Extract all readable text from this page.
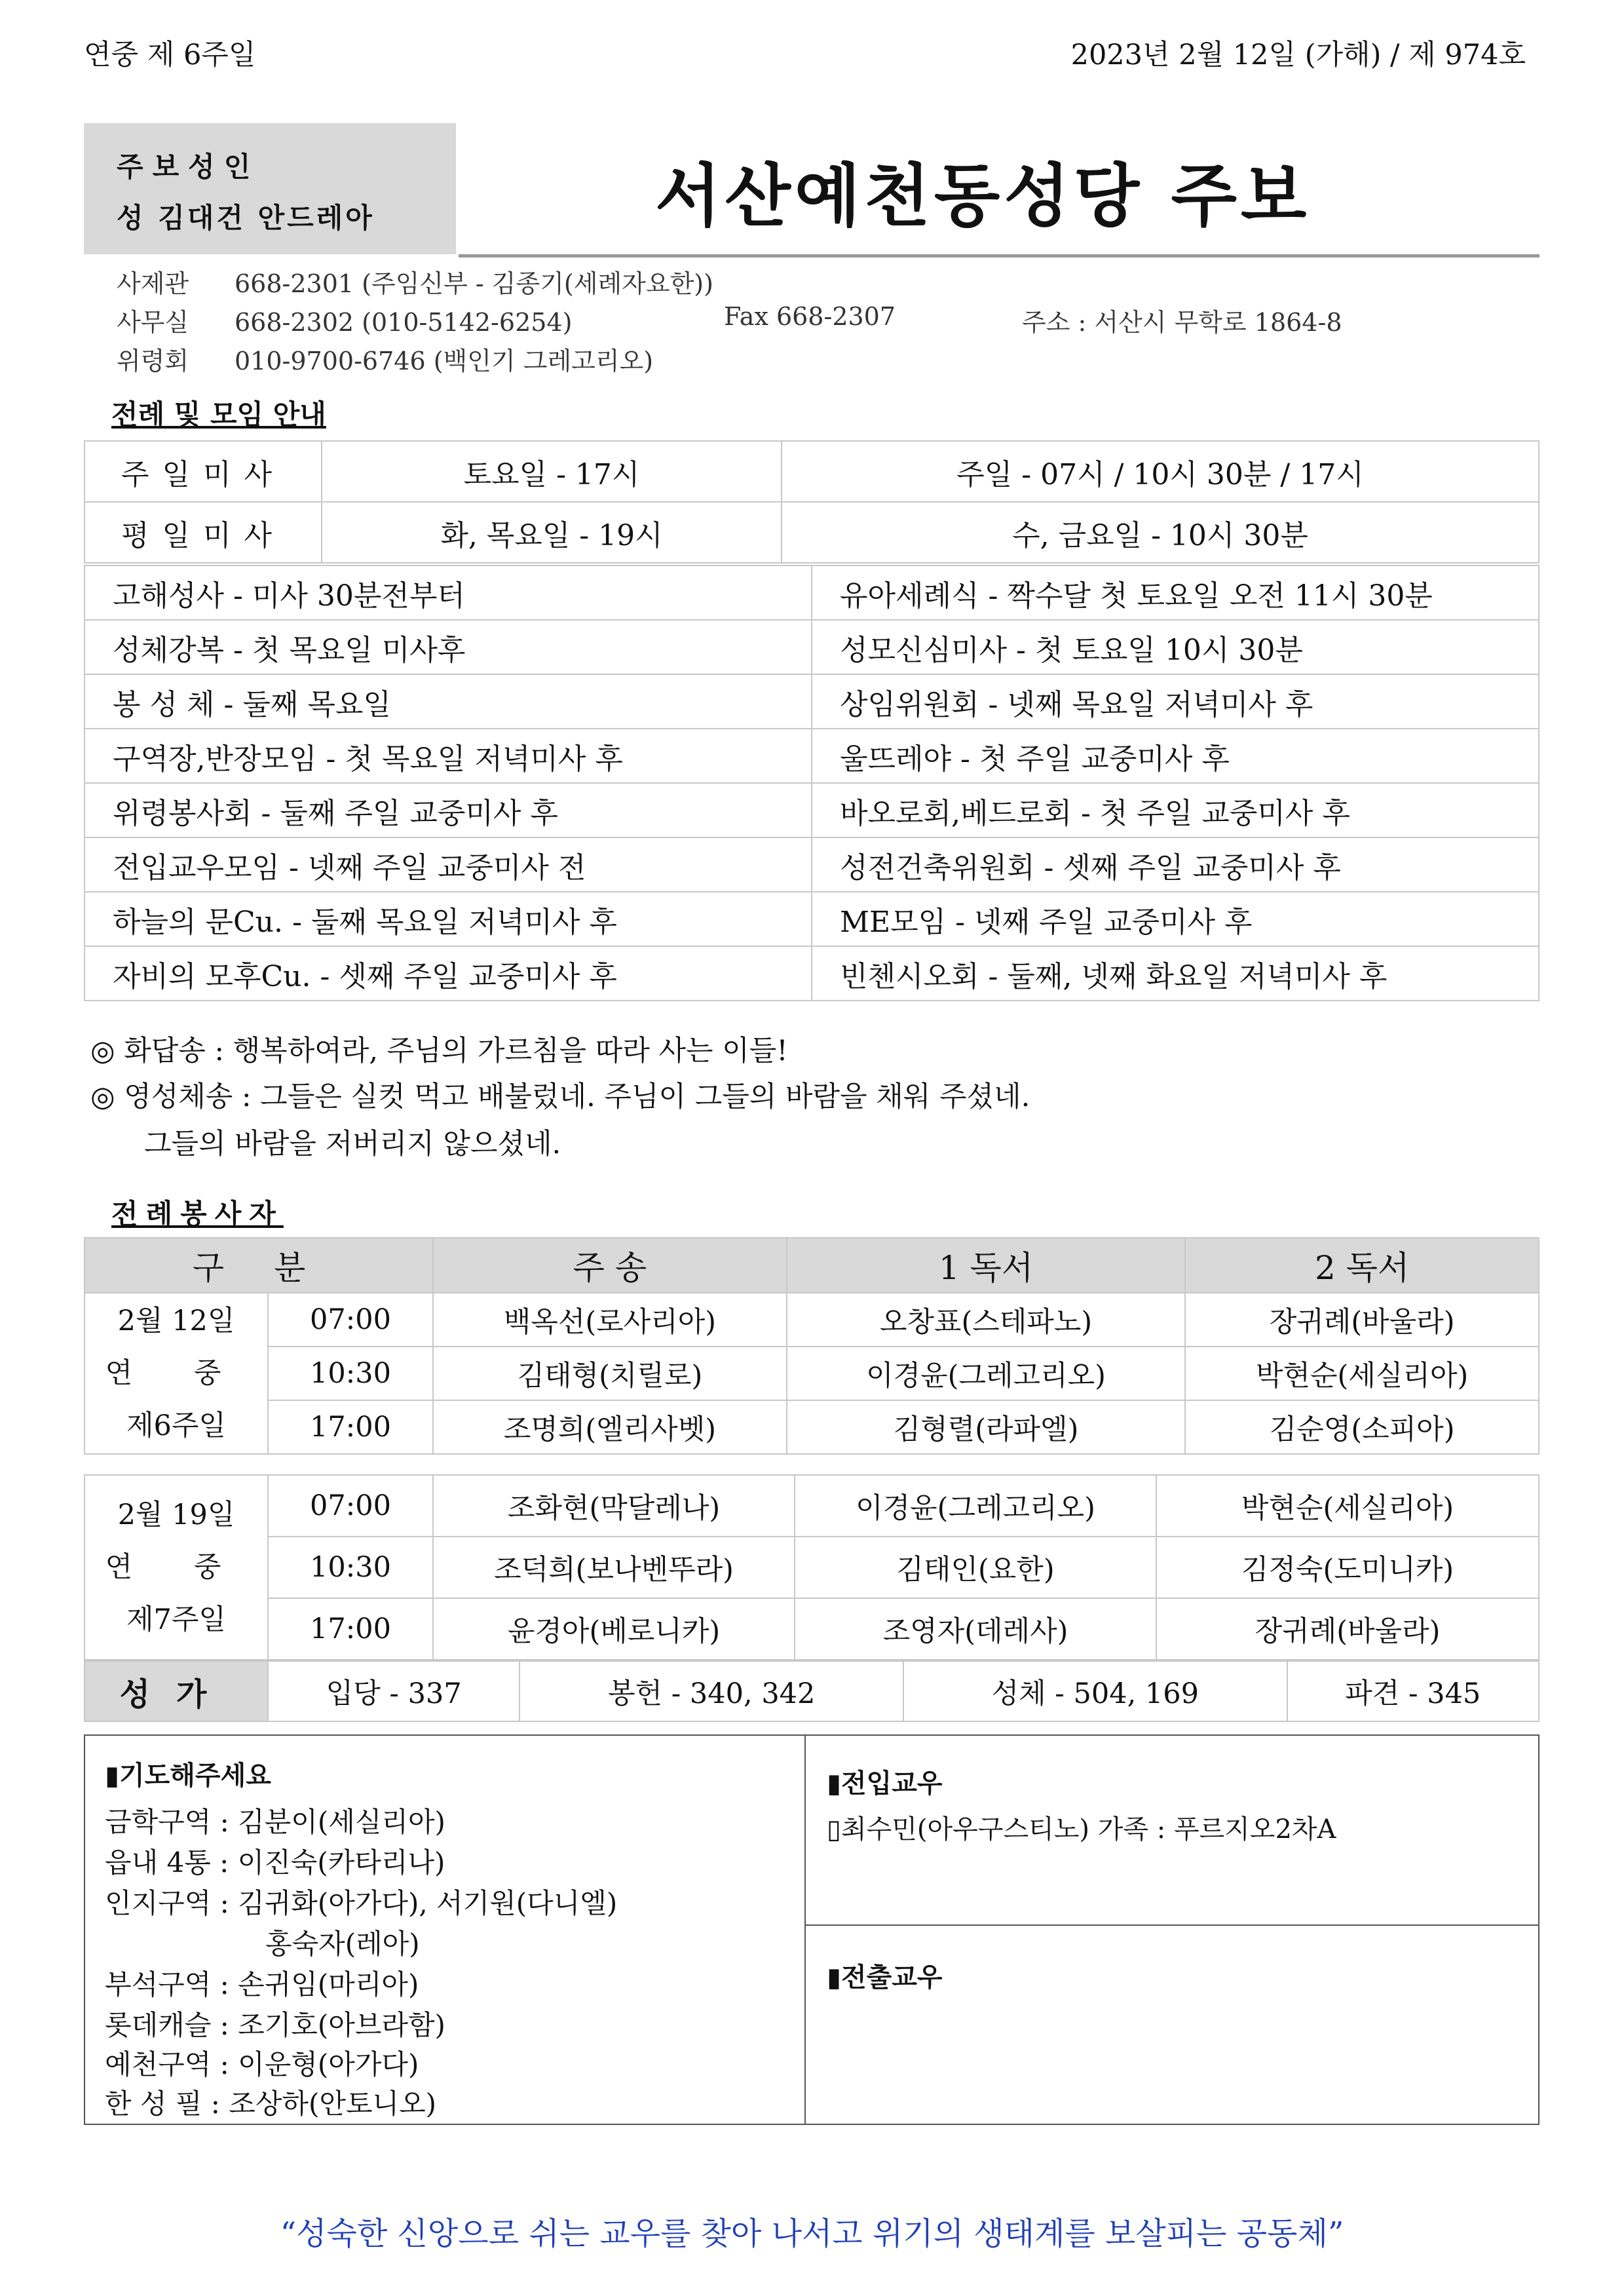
연중 제 6주일	2023년 2월 12일 (가해) / 제 974호
주보성인
성 김대건 안드레아	서산예천동성당 주보
사제관 668-2301 (주임신부 - 김종기(세례자요한))
사무실 668-2302 (010-5142-6254)	Fax 668-2307	주소 : 서산시 무학로 1864-8
위령회 010-9700-6746 (백인기 그레고리오)
전례 및 모임 안내
주일미사	토요일 - 17시	주일 - 07시 / 10시 30분 / 17시
평일미사	화, 목요일 - 19시	수, 금요일 - 10시 30분
고해성사 - 미사 30분전부터	유아세례식 - 짝수달 첫 토요일 오전 11시 30분
성체강복 - 첫 목요일 미사후	성모신심미사 - 첫 토요일 10시 30분
봉 성 체 - 둘째 목요일	상임위원회 - 넷째 목요일 저녁미사 후
구역장,반장모임 - 첫 목요일 저녁미사 후	울뜨레야 - 첫 주일 교중미사 후
위령봉사회 - 둘째 주일 교중미사 후	바오로회,베드로회 - 첫 주일 교중미사 후
전입교우모임 - 넷째 주일 교중미사 전	성전건축위원회 - 셋째 주일 교중미사 후
하늘의 문Cu. - 둘째 목요일 저녁미사 후	ME모임 - 넷째 주일 교중미사 후
자비의 모후Cu. - 셋째 주일 교중미사 후	빈첸시오회 - 둘째, 넷째 화요일 저녁미사 후
◎ 화답송 : 행복하여라, 주님의 가르침을 따라 사는 이들!
◎ 영성체송 : 그들은 실컷 먹고 배불렀네. 주님이 그들의 바람을 채워 주셨네.
그들의 바람을 저버리지 않으셨네.
전례봉사자
구 분		주 송	1 독서	2 독서

2월 12일
연 중
제6주일	07:00	백옥선(로사리아)	오창표(스테파노)	장귀례(바울라)
	10:30	김태형(치릴로)	이경윤(그레고리오)	박현순(세실리아)
	17:00	조명희(엘리사벳)	김형렬(라파엘)	김순영(소피아)
2월 19일
연 중
제7주일	07:00	조화현(막달레나)	이경윤(그레고리오)	박현순(세실리아)
	10:30	조덕희(보나벤뚜라)	김태인(요한)	김정숙(도미니카)
	17:00	윤경아(베로니카)	조영자(데레사)	장귀례(바울라)
성가	입당 - 337	봉헌 - 340, 342	성체 - 504, 169	파견 - 345
▮기도해주세요
금학구역 : 김분이(세실리아)
읍내 4통 : 이진숙(카타리나)
인지구역 : 김귀화(아가다), 서기원(다니엘)
홍숙자(레아)
부석구역 : 손귀임(마리아)
롯데캐슬 : 조기호(아브라함)
예천구역 : 이운형(아가다)
한 성 필 : 조상하(안토니오)
▮전입교우
▯최수민(아우구스티노) 가족 : 푸르지오2차A
▮전출교우
“성숙한 신앙으로 쉬는 교우를 찾아 나서고 위기의 생태계를 보살피는 공동체”
